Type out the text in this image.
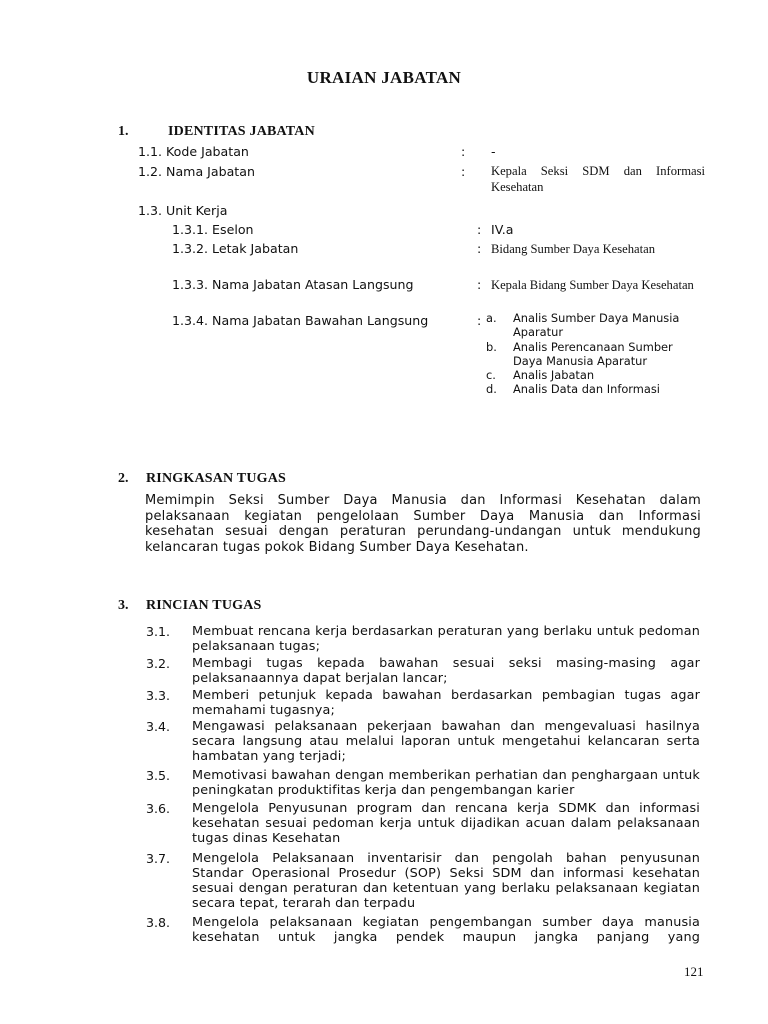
URAIAN JABATAN
1.	IDENTITAS JABATAN
1.1. Kode Jabatan	:	-
1.2. Nama Jabatan	:	Kepala Seksi SDM dan Informasi Kesehatan
1.3. Unit Kerja
1.3.1. Eselon	: IV.a
1.3.2. Letak Jabatan	: Bidang Sumber Daya Kesehatan
1.3.3. Nama Jabatan Atasan Langsung	: Kepala Bidang Sumber Daya Kesehatan
1.3.4. Nama Jabatan Bawahan Langsung	: a. Analis Sumber Daya Manusia Aparatur
b. Analis Perencanaan Sumber Daya Manusia Aparatur
c. Analis Jabatan
d. Analis Data dan Informasi
2. RINGKASAN TUGAS
Memimpin Seksi Sumber Daya Manusia dan Informasi Kesehatan dalam pelaksanaan kegiatan pengelolaan Sumber Daya Manusia dan Informasi kesehatan sesuai dengan peraturan perundang-undangan untuk mendukung kelancaran tugas pokok Bidang Sumber Daya Kesehatan.
3. RINCIAN TUGAS
3.1.	Membuat rencana kerja berdasarkan peraturan yang berlaku untuk pedoman pelaksanaan tugas;
3.2.	Membagi tugas kepada bawahan sesuai seksi masing-masing agar pelaksanaannya dapat berjalan lancar;
3.3.	Memberi petunjuk kepada bawahan berdasarkan pembagian tugas agar memahami tugasnya;
3.4.	Mengawasi pelaksanaan pekerjaan bawahan dan mengevaluasi hasilnya secara langsung atau melalui laporan untuk mengetahui kelancaran serta hambatan yang terjadi;
3.5.	Memotivasi bawahan dengan memberikan perhatian dan penghargaan untuk peningkatan produktifitas kerja dan pengembangan karier
3.6.	Mengelola Penyusunan program dan rencana kerja SDMK dan informasi kesehatan sesuai pedoman kerja untuk dijadikan acuan dalam pelaksanaan tugas dinas Kesehatan
3.7.	Mengelola Pelaksanaan inventarisir dan pengolah bahan penyusunan Standar Operasional Prosedur (SOP) Seksi SDM dan informasi kesehatan sesuai dengan peraturan dan ketentuan yang berlaku pelaksanaan kegiatan secara tepat, terarah dan terpadu
3.8.	Mengelola pelaksanaan kegiatan pengembangan sumber daya manusia kesehatan untuk jangka pendek maupun jangka panjang yang
121
